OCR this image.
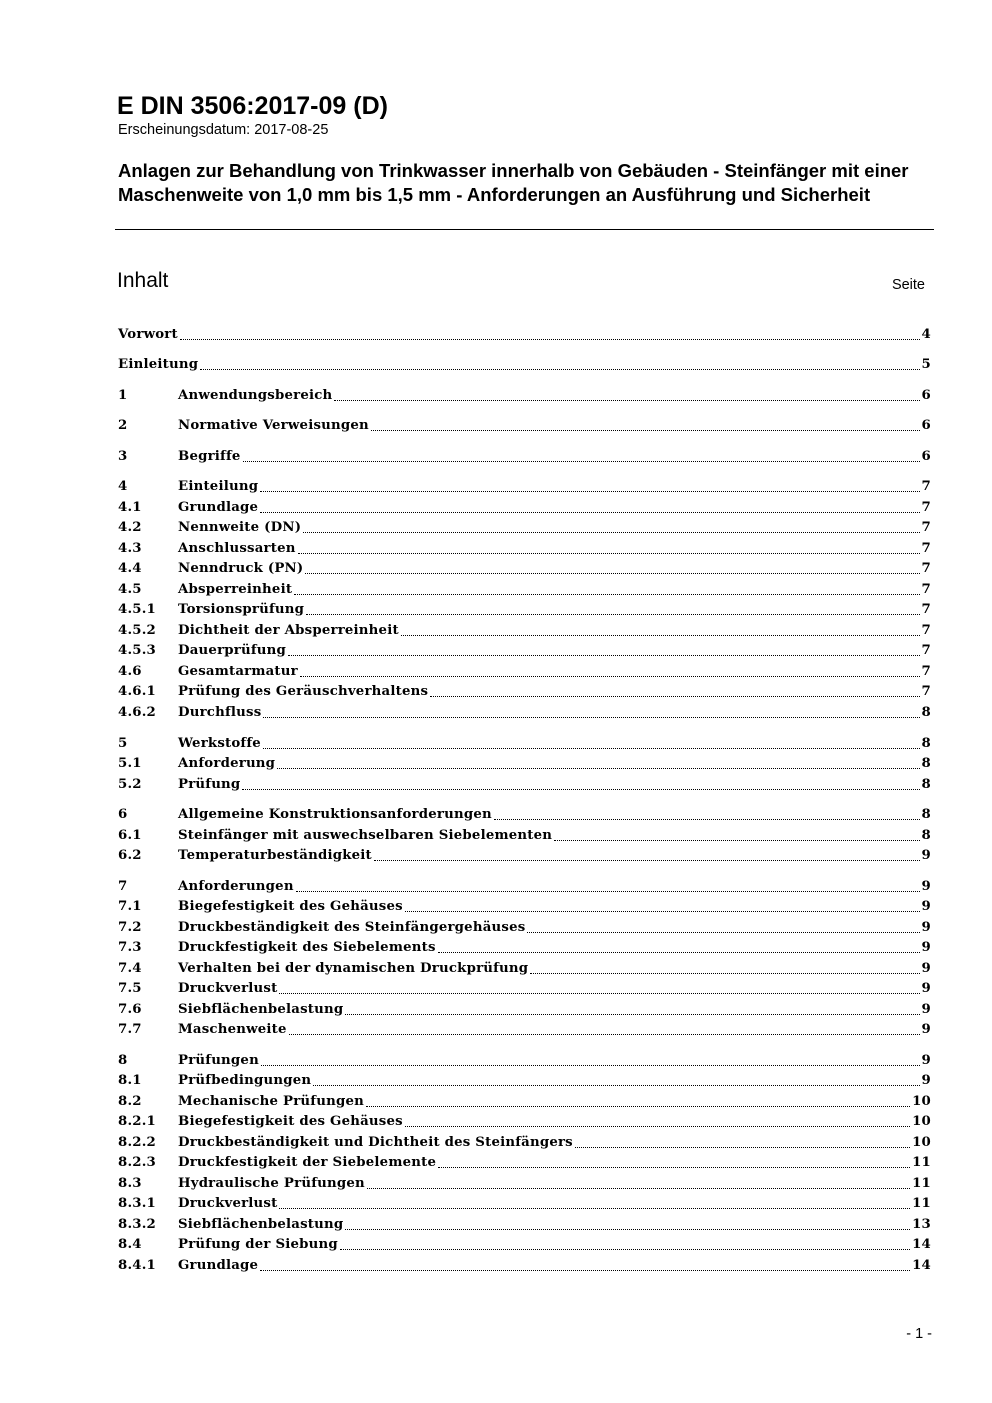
E DIN 3506:2017-09 (D)
Erscheinungsdatum: 2017-08-25
Anlagen zur Behandlung von Trinkwasser innerhalb von Gebäuden - Steinfänger mit einer Maschenweite von 1,0 mm bis 1,5 mm - Anforderungen an Ausführung und Sicherheit
Inhalt	Seite
Vorwort	4
Einleitung	5
1	Anwendungsbereich	6
2	Normative Verweisungen	6
3	Begriffe	6
4	Einteilung	7
4.1	Grundlage	7
4.2	Nennweite (DN)	7
4.3	Anschlussarten	7
4.4	Nenndruck (PN)	7
4.5	Absperreinheit	7
4.5.1	Torsionsprüfung	7
4.5.2	Dichtheit der Absperreinheit	7
4.5.3	Dauerprüfung	7
4.6	Gesamtarmatur	7
4.6.1	Prüfung des Geräuschverhaltens	7
4.6.2	Durchfluss	8
5	Werkstoffe	8
5.1	Anforderung	8
5.2	Prüfung	8
6	Allgemeine Konstruktionsanforderungen	8
6.1	Steinfänger mit auswechselbaren Siebelementen	8
6.2	Temperaturbeständigkeit	9
7	Anforderungen	9
7.1	Biegefestigkeit des Gehäuses	9
7.2	Druckbeständigkeit des Steinfängergehäuses	9
7.3	Druckfestigkeit des Siebelements	9
7.4	Verhalten bei der dynamischen Druckprüfung	9
7.5	Druckverlust	9
7.6	Siebflächenbelastung	9
7.7	Maschenweite	9
8	Prüfungen	9
8.1	Prüfbedingungen	9
8.2	Mechanische Prüfungen	10
8.2.1	Biegefestigkeit des Gehäuses	10
8.2.2	Druckbeständigkeit und Dichtheit des Steinfängers	10
8.2.3	Druckfestigkeit der Siebelemente	11
8.3	Hydraulische Prüfungen	11
8.3.1	Druckverlust	11
8.3.2	Siebflächenbelastung	13
8.4	Prüfung der Siebung	14
8.4.1	Grundlage	14
- 1 -
